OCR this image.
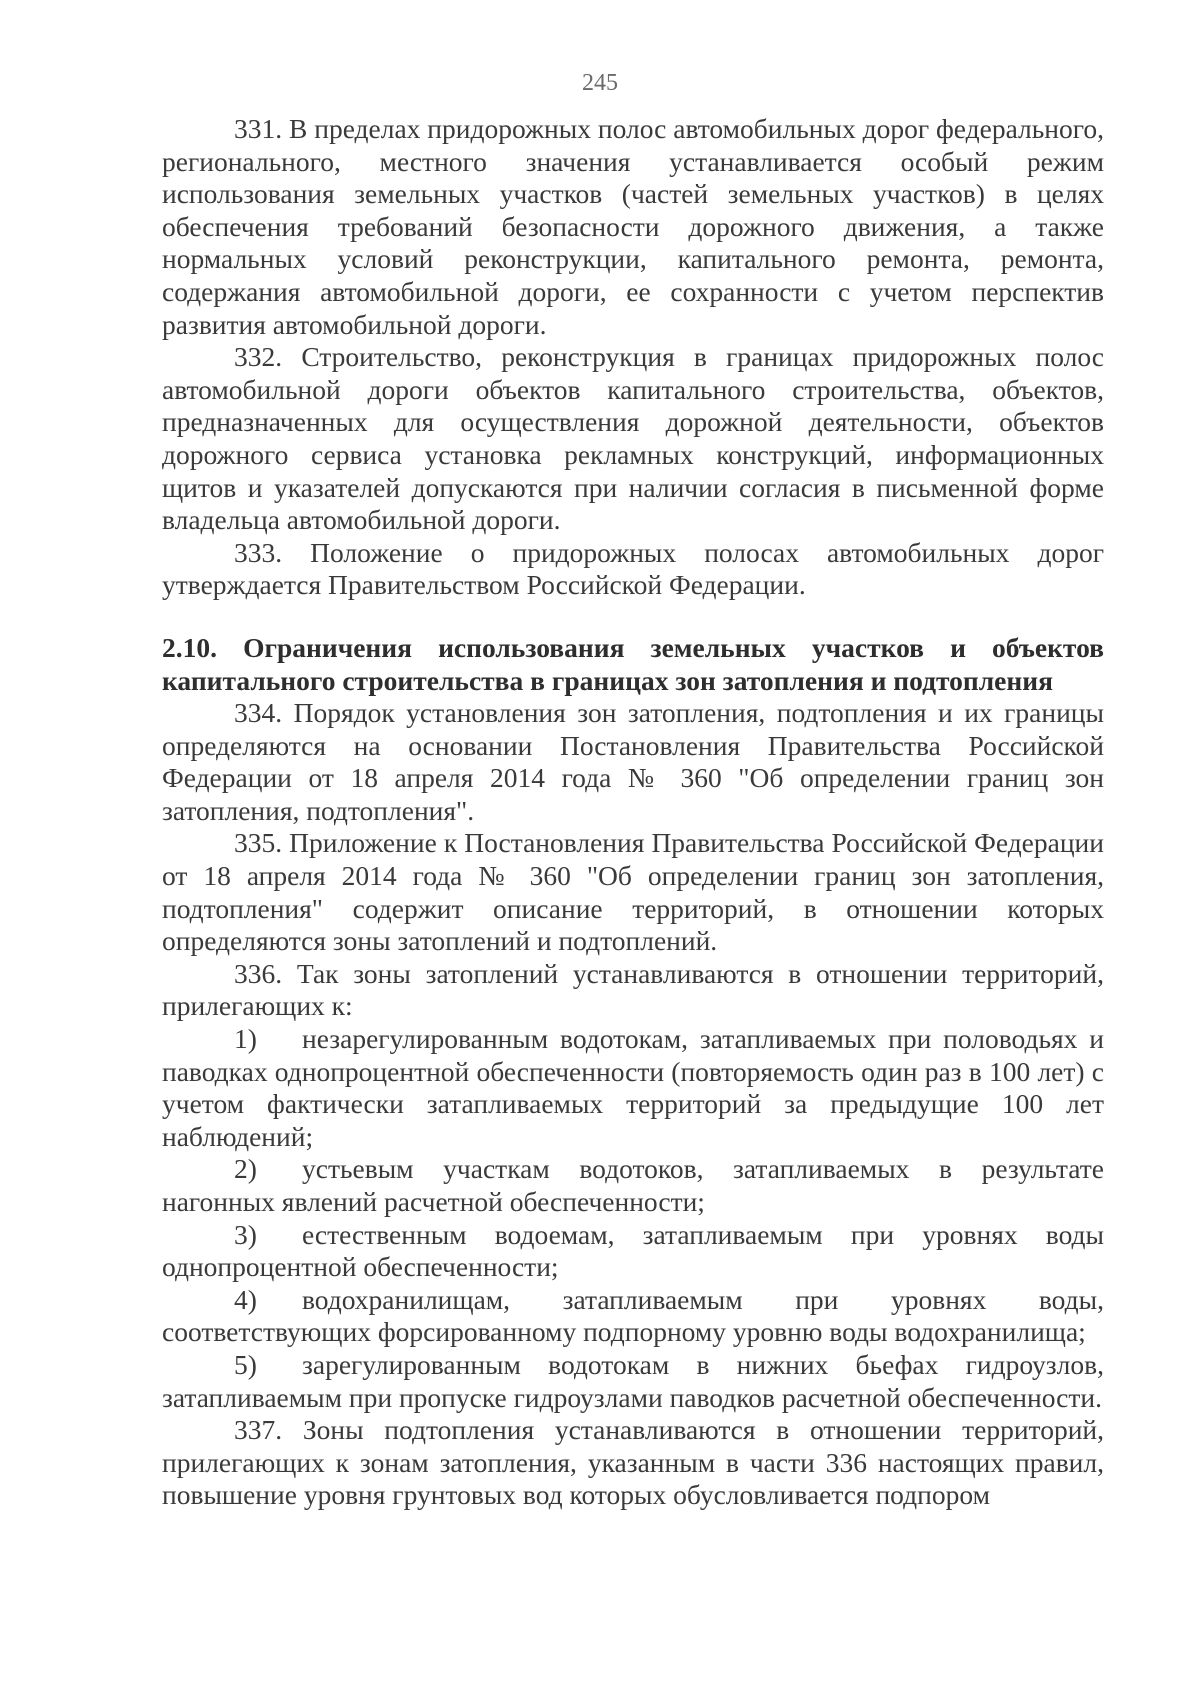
245

331. В пределах придорожных полос автомобильных дорог федерального, регионального, местного значения устанавливается особый режим использования земельных участков (частей земельных участков) в целях обеспечения требований безопасности дорожного движения, а также нормальных условий реконструкции, капитального ремонта, ремонта, содержания автомобильной дороги, ее сохранности с учетом перспектив развития автомобильной дороги.

332. Строительство, реконструкция в границах придорожных полос автомобильной дороги объектов капитального строительства, объектов, предназначенных для осуществления дорожной деятельности, объектов дорожного сервиса установка рекламных конструкций, информационных щитов и указателей допускаются при наличии согласия в письменной форме владельца автомобильной дороги.

333. Положение о придорожных полосах автомобильных дорог утверждается Правительством Российской Федерации.

2.10. Ограничения использования земельных участков и объектов капитального строительства в границах зон затопления и подтопления

334. Порядок установления зон затопления, подтопления и их границы определяются на основании Постановления Правительства Российской Федерации от 18 апреля 2014 года № 360 "Об определении границ зон затопления, подтопления".

335. Приложение к Постановления Правительства Российской Федерации от 18 апреля 2014 года № 360 "Об определении границ зон затопления, подтопления" содержит описание территорий, в отношении которых определяются зоны затоплений и подтоплений.

336. Так зоны затоплений устанавливаются в отношении территорий, прилегающих к:

1) незарегулированным водотокам, затапливаемых при половодьях и паводках однопроцентной обеспеченности (повторяемость один раз в 100 лет) с учетом фактически затапливаемых территорий за предыдущие 100 лет наблюдений;

2) устьевым участкам водотоков, затапливаемых в результате нагонных явлений расчетной обеспеченности;

3) естественным водоемам, затапливаемым при уровнях воды однопроцентной обеспеченности;

4) водохранилищам, затапливаемым при уровнях воды, соответствующих форсированному подпорному уровню воды водохранилища;

5) зарегулированным водотокам в нижних бьефах гидроузлов, затапливаемым при пропуске гидроузлами паводков расчетной обеспеченности.

337. Зоны подтопления устанавливаются в отношении территорий, прилегающих к зонам затопления, указанным в части 336 настоящих правил, повышение уровня грунтовых вод которых обусловливается подпором
